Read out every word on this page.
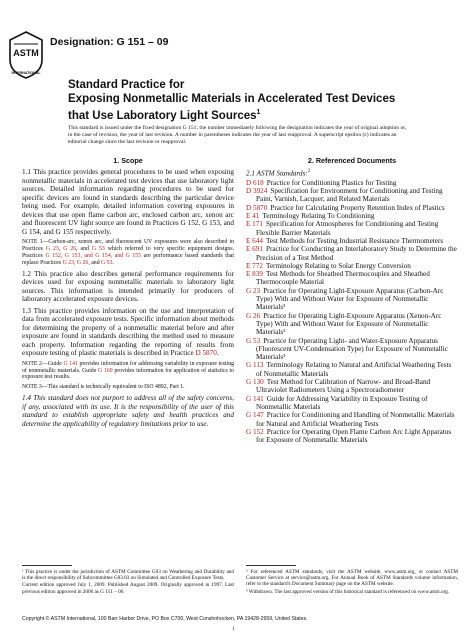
ASTM
INTERNATIONAL
Designation: G 151 – 09
Standard Practice for
Exposing Nonmetallic Materials in Accelerated Test Devices
that Use Laboratory Light Sources$^1$
This standard is issued under the fixed designation G 151; the number immediately following the designation indicates the year of original adoption or, in the case of revision, the year of last revision. A number in parentheses indicates the year of last reapproval. A superscript epsilon (ε) indicates an editorial change since the last revision or reapproval.
1. Scope

1.1 This practice provides general procedures to be used when exposing nonmetallic materials in accelerated test devices that use laboratory light sources. Detailed information regarding procedures to be used for specific devices are found in standards describing the particular device being used. For example, detailed information covering exposures in devices that use open flame carbon arc, enclosed carbon arc, xenon arc and fluorescent UV light source are found in Practices G 152, G 153, and G 154, and G 155 respectively.

NOTE 1—Carbon-arc, xenon arc, and fluorescent UV exposures were also described in Practices G 23, G 26, and G 53 which referred to very specific equipment designs. Practices G 152, G 153, and G 154, and G 155 are performance based standards that replace Practices G 23, G 26, and G 53.

1.2 This practice also describes general performance requirements for devices used for exposing nonmetallic materials to laboratory light sources. This information is intended primarily for producers of laboratory accelerated exposure devices.

1.3 This practice provides information on the use and interpretation of data from accelerated exposure tests. Specific information about methods for determining the property of a nonmetallic material before and after exposure are found in standards describing the method used to measure each property. Information regarding the reporting of results from exposure testing of plastic materials is described in Practice D 5870.

NOTE 2—Guide G 141 provides information for addressing variability in exposure testing of nonmetallic materials. Guide G 169 provides information for application of statistics to exposure test results.

NOTE 3—This standard is technically equivalent to ISO 4892, Part 1.

1.4 This standard does not purport to address all of the safety concerns, if any, associated with its use. It is the responsibility of the user of this standard to establish appropriate safety and health practices and determine the applicability of regulatory limitations prior to use.

2. Referenced Documents

2.1 ASTM Standards:$^2$

D 618 Practice for Conditioning Plastics for Testing
D 3924 Specification for Environment for Conditioning and Testing Paint, Varnish, Lacquer, and Related Materials
D 5870 Practice for Calculating Property Retention Index of Plastics
E 41 Terminology Relating To Conditioning
E 171 Specification for Atmospheres for Conditioning and Testing Flexible Barrier Materials
E 644 Test Methods for Testing Industrial Resistance Thermometers
E 691 Practice for Conducting an Interlaboratory Study to Determine the Precision of a Test Method
E 772 Terminology Relating to Solar Energy Conversion
E 839 Test Methods for Sheathed Thermocouples and Sheathed Thermocouple Material
G 23 Practice for Operating Light-Exposure Apparatus (Carbon-Arc Type) With and Without Water for Exposure of Nonmetallic Materials³
G 26 Practice for Operating Light-Exposure Apparatus (Xenon-Arc Type) With and Without Water for Exposure of Nonmetallic Materials³
G 53 Practice for Operating Light- and Water-Exposure Apparatus (Fluorescent UV-Condensation Type) for Exposure of Nonmetallic Materials³
G 113 Terminology Relating to Natural and Artificial Weathering Tests of Nonmetallic Materials
G 130 Test Method for Calibration of Narrow- and Broad-Band Ultraviolet Radiometers Using a Spectroradiometer
G 141 Guide for Addressing Variability in Exposure Testing of Nonmetallic Materials
G 147 Practice for Conditioning and Handling of Nonmetallic Materials for Natural and Artificial Weathering Tests
G 152 Practice for Operating Open Flame Carbon Arc Light Apparatus for Exposure of Nonmetallic Materials

¹ This practice is under the jurisdiction of ASTM Committee G03 on Weathering and Durability and is the direct responsibility of Subcommittee G03.03 on Simulated and Controlled Exposure Tests.

Current edition approved July 1, 2009. Published August 2009. Originally approved in 1997. Last previous edition approved in 2006 as G 151 – 06.

² For referenced ASTM standards, visit the ASTM website, www.astm.org, or contact ASTM Customer Service at service@astm.org. For Annual Book of ASTM Standards volume information, refer to the standard's Document Summary page on the ASTM website.

³ Withdrawn. The last approved version of this historical standard is referenced on www.astm.org.

Copyright © ASTM International, 100 Barr Harbor Drive, PO Box C700, West Conshohocken, PA 19428-2959, United States.
1
